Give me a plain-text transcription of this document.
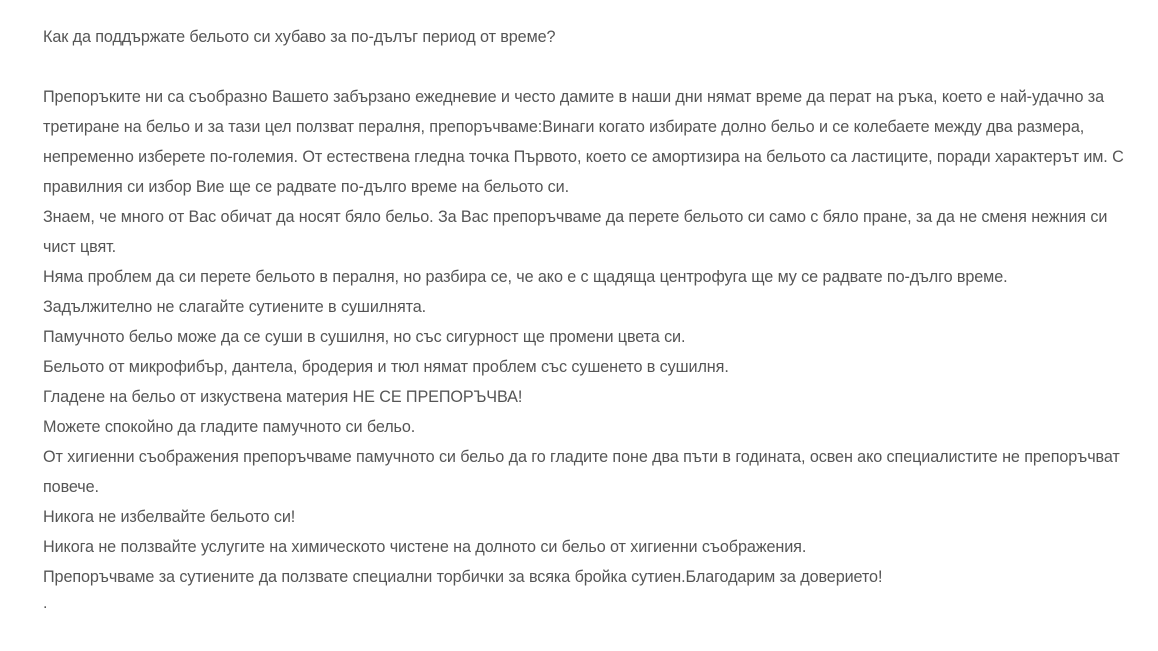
Как да поддържате бельото си хубаво за по-дълъг период от време?
Препоръките ни са съобразно Вашето забързано ежедневие и често дамите в наши дни нямат време да перат на ръка, което е най-удачно за третиране на бельо и за тази цел ползват пералня, препоръчваме:Винаги когато избирате долно бельо и се колебаете между два размера, непременно изберете по-големия. От естествена гледна точка Първото, което се амортизира на бельото са ластиците, поради характерът им. С правилния си избор Вие ще се радвате по-дълго време на бельото си.
Знаем, че много от Вас обичат да носят бяло бельо. За Вас препоръчваме да перете бельото си само с бяло пране, за да не сменя нежния си чист цвят.
Няма проблем да си перете бельото в пералня, но разбира се, че ако е с щадяща центрофуга ще му се радвате по-дълго време.
Задължително не слагайте сутиените в сушилнята.
Памучното бельо може да се суши в сушилня, но със сигурност ще промени цвета си.
Бельото от микрофибър, дантела, бродерия и тюл нямат проблем със сушенето в сушилня.
Гладене на бельо от изкуствена материя НЕ СЕ ПРЕПОРЪЧВА!
Можете спокойно да гладите памучното си бельо.
От хигиенни съображения препоръчваме памучното си бельо да го гладите поне два пъти в годината, освен ако специалистите не препоръчват повече.
Никога не избелвайте бельото си!
Никога не ползвайте услугите на химическото чистене на долното си бельо от хигиенни съображения.
Препоръчваме за сутиените да ползвате специални торбички за всяка бройка сутиен.Благодарим за доверието!
.
